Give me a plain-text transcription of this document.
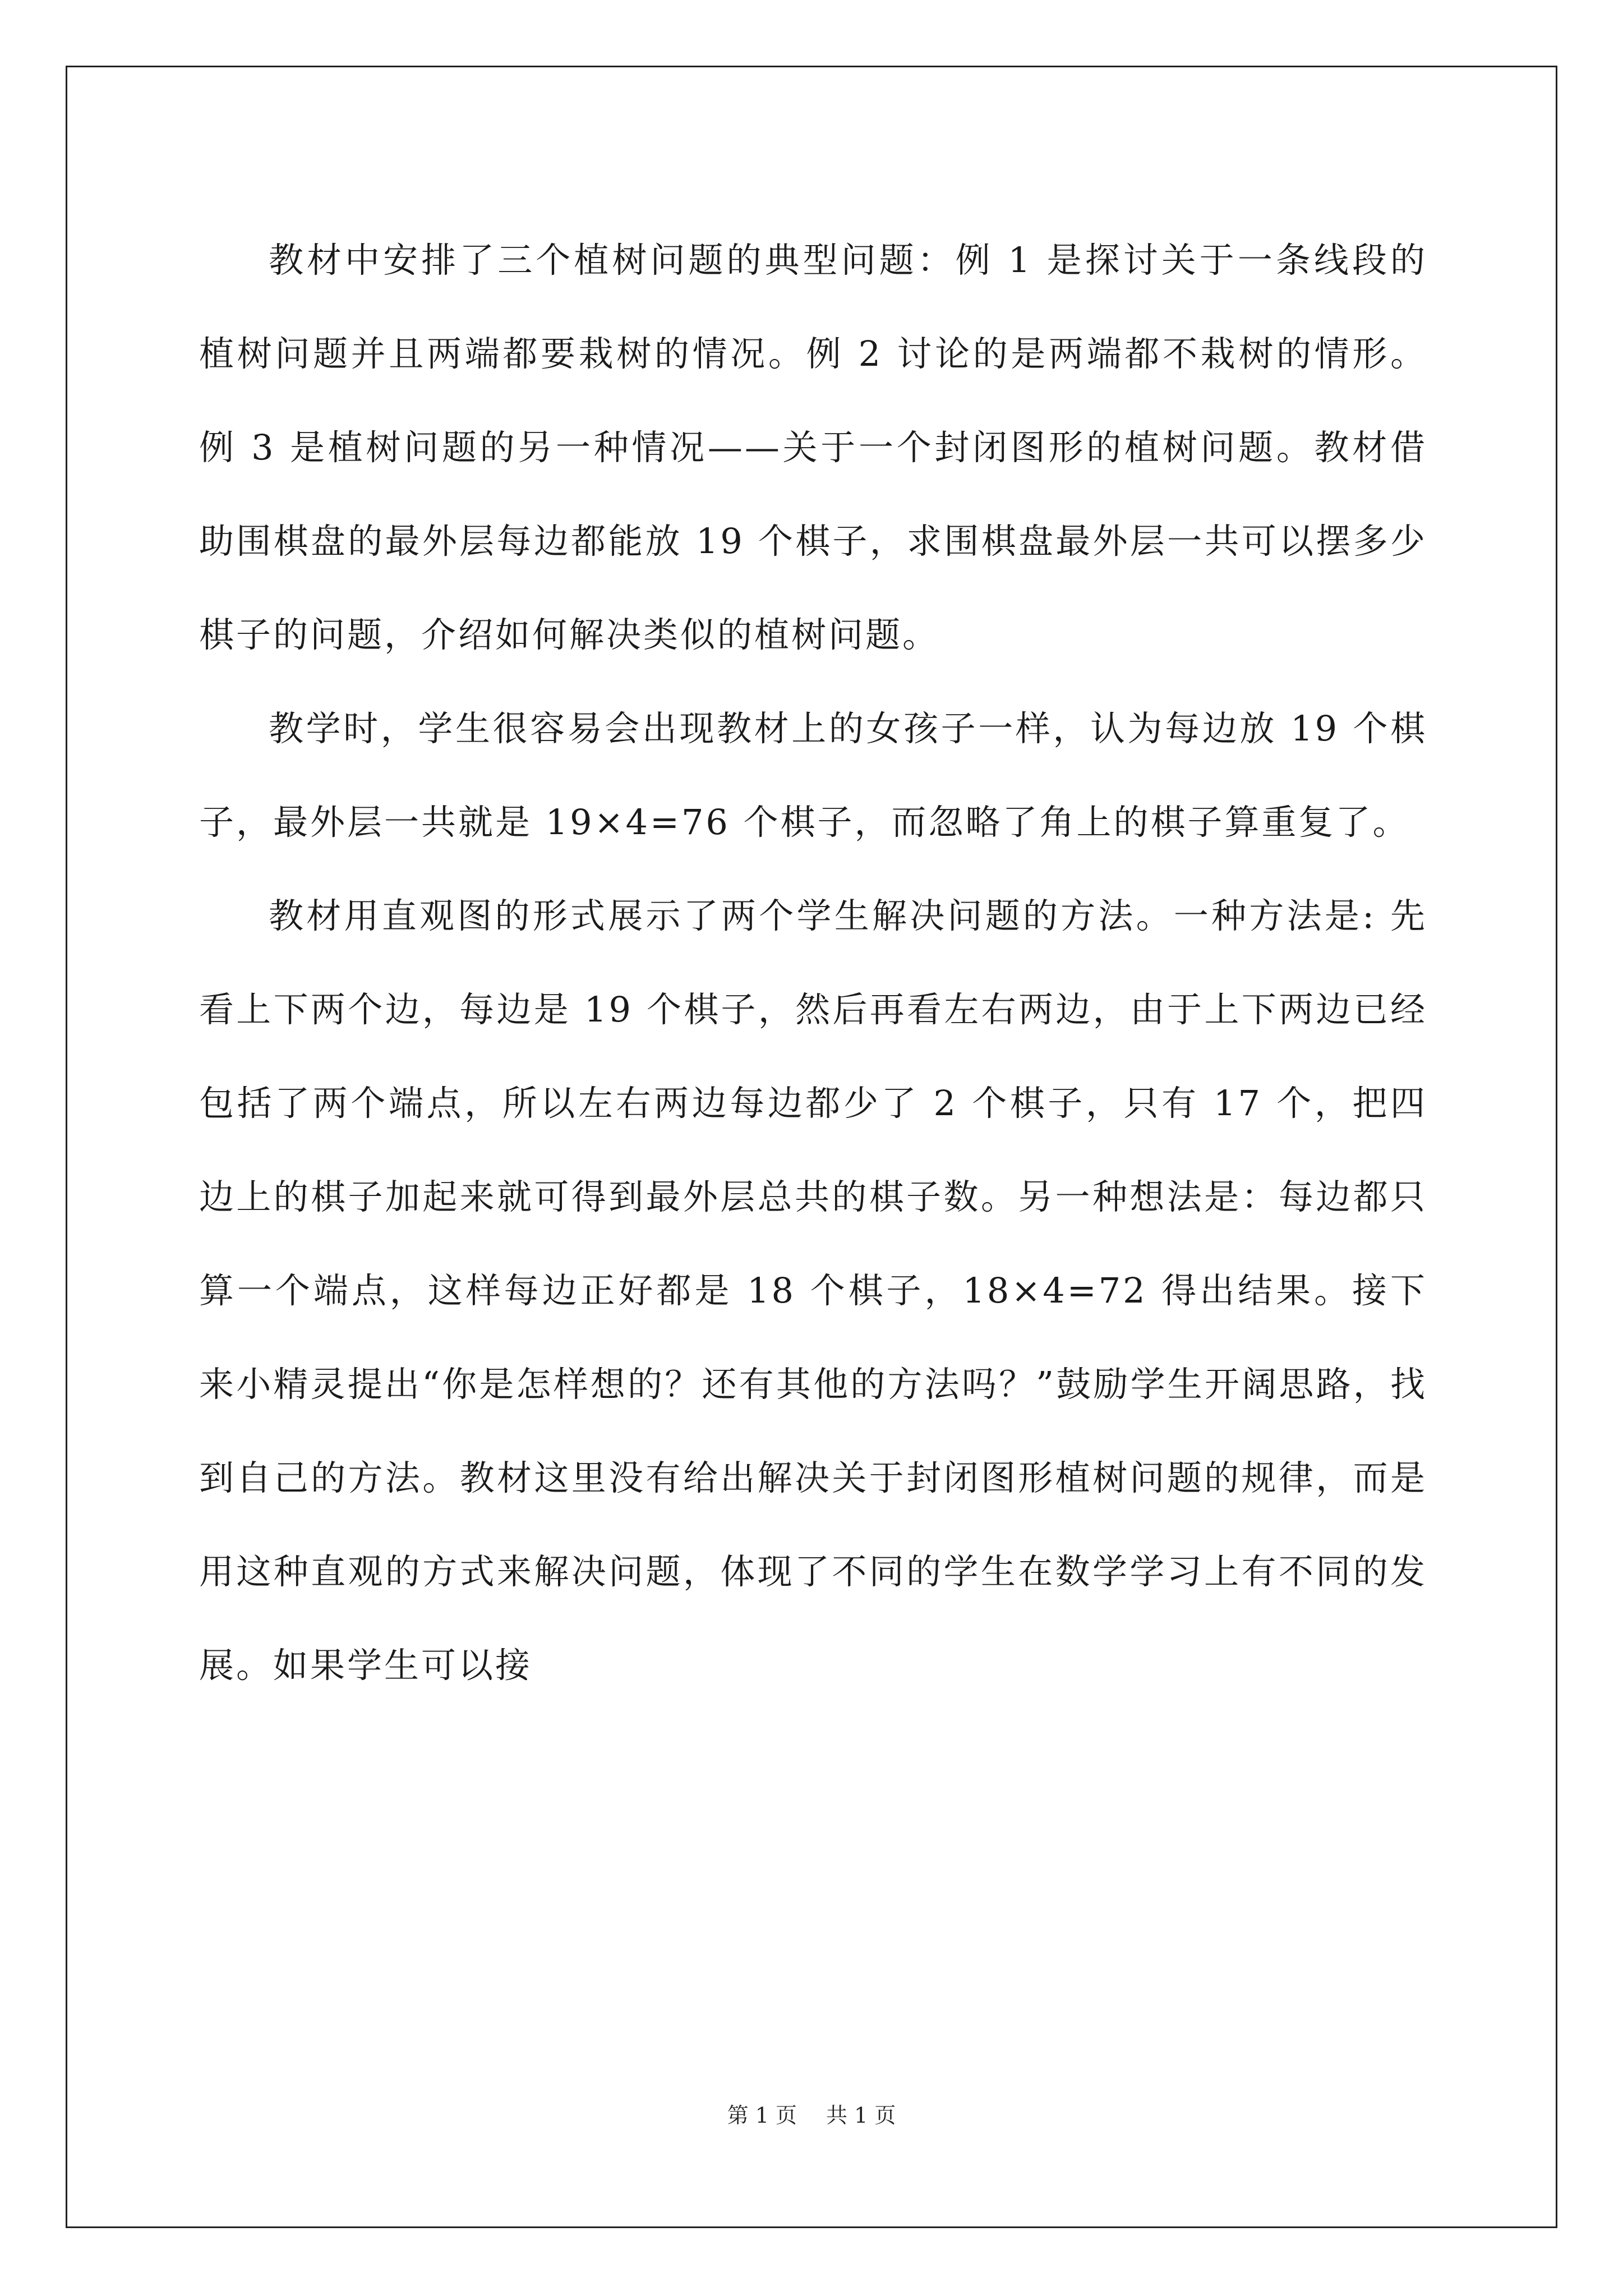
教材中安排了三个植树问题的典型问题：例 1 是探讨关于一条线段的植树问题并且两端都要栽树的情况。例 2 讨论的是两端都不栽树的情形。例 3 是植树问题的另一种情况——关于一个封闭图形的植树问题。教材借助围棋盘的最外层每边都能放 19 个棋子，求围棋盘最外层一共可以摆多少棋子的问题，介绍如何解决类似的植树问题。

教学时，学生很容易会出现教材上的女孩子一样，认为每边放 19 个棋子，最外层一共就是 19×4=76 个棋子，而忽略了角上的棋子算重复了。

教材用直观图的形式展示了两个学生解决问题的方法。一种方法是: 先看上下两个边，每边是 19 个棋子，然后再看左右两边，由于上下两边已经包括了两个端点，所以左右两边每边都少了 2 个棋子，只有 17 个，把四边上的棋子加起来就可得到最外层总共的棋子数。另一种想法是：每边都只算一个端点，这样每边正好都是 18 个棋子，18×4=72 得出结果。接下来小精灵提出“你是怎样想的？还有其他的方法吗？”鼓励学生开阔思路，找到自己的方法。教材这里没有给出解决关于封闭图形植树问题的规律，而是用这种直观的方式来解决问题，体现了不同的学生在数学学习上有不同的发展。如果学生可以接

第 1 页 共 1 页
